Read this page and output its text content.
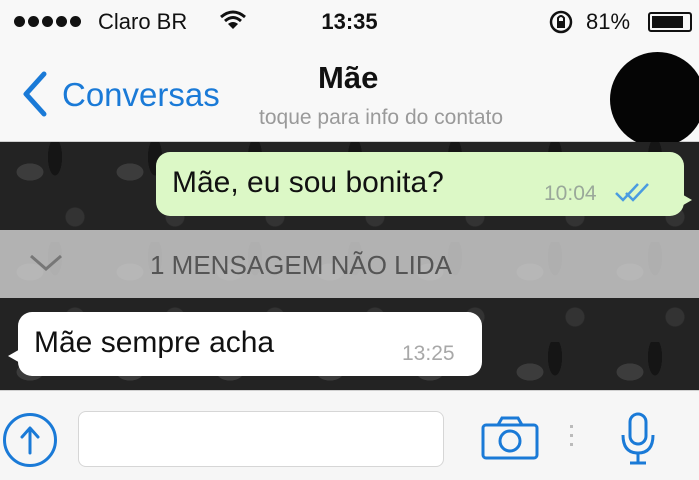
Claro BR	13:35	81%
Conversas	Mãe
toque para info do contato
Mãe, eu sou bonita?	10:04
1 MENSAGEM NÃO LIDA
Mãe sempre acha	13:25
